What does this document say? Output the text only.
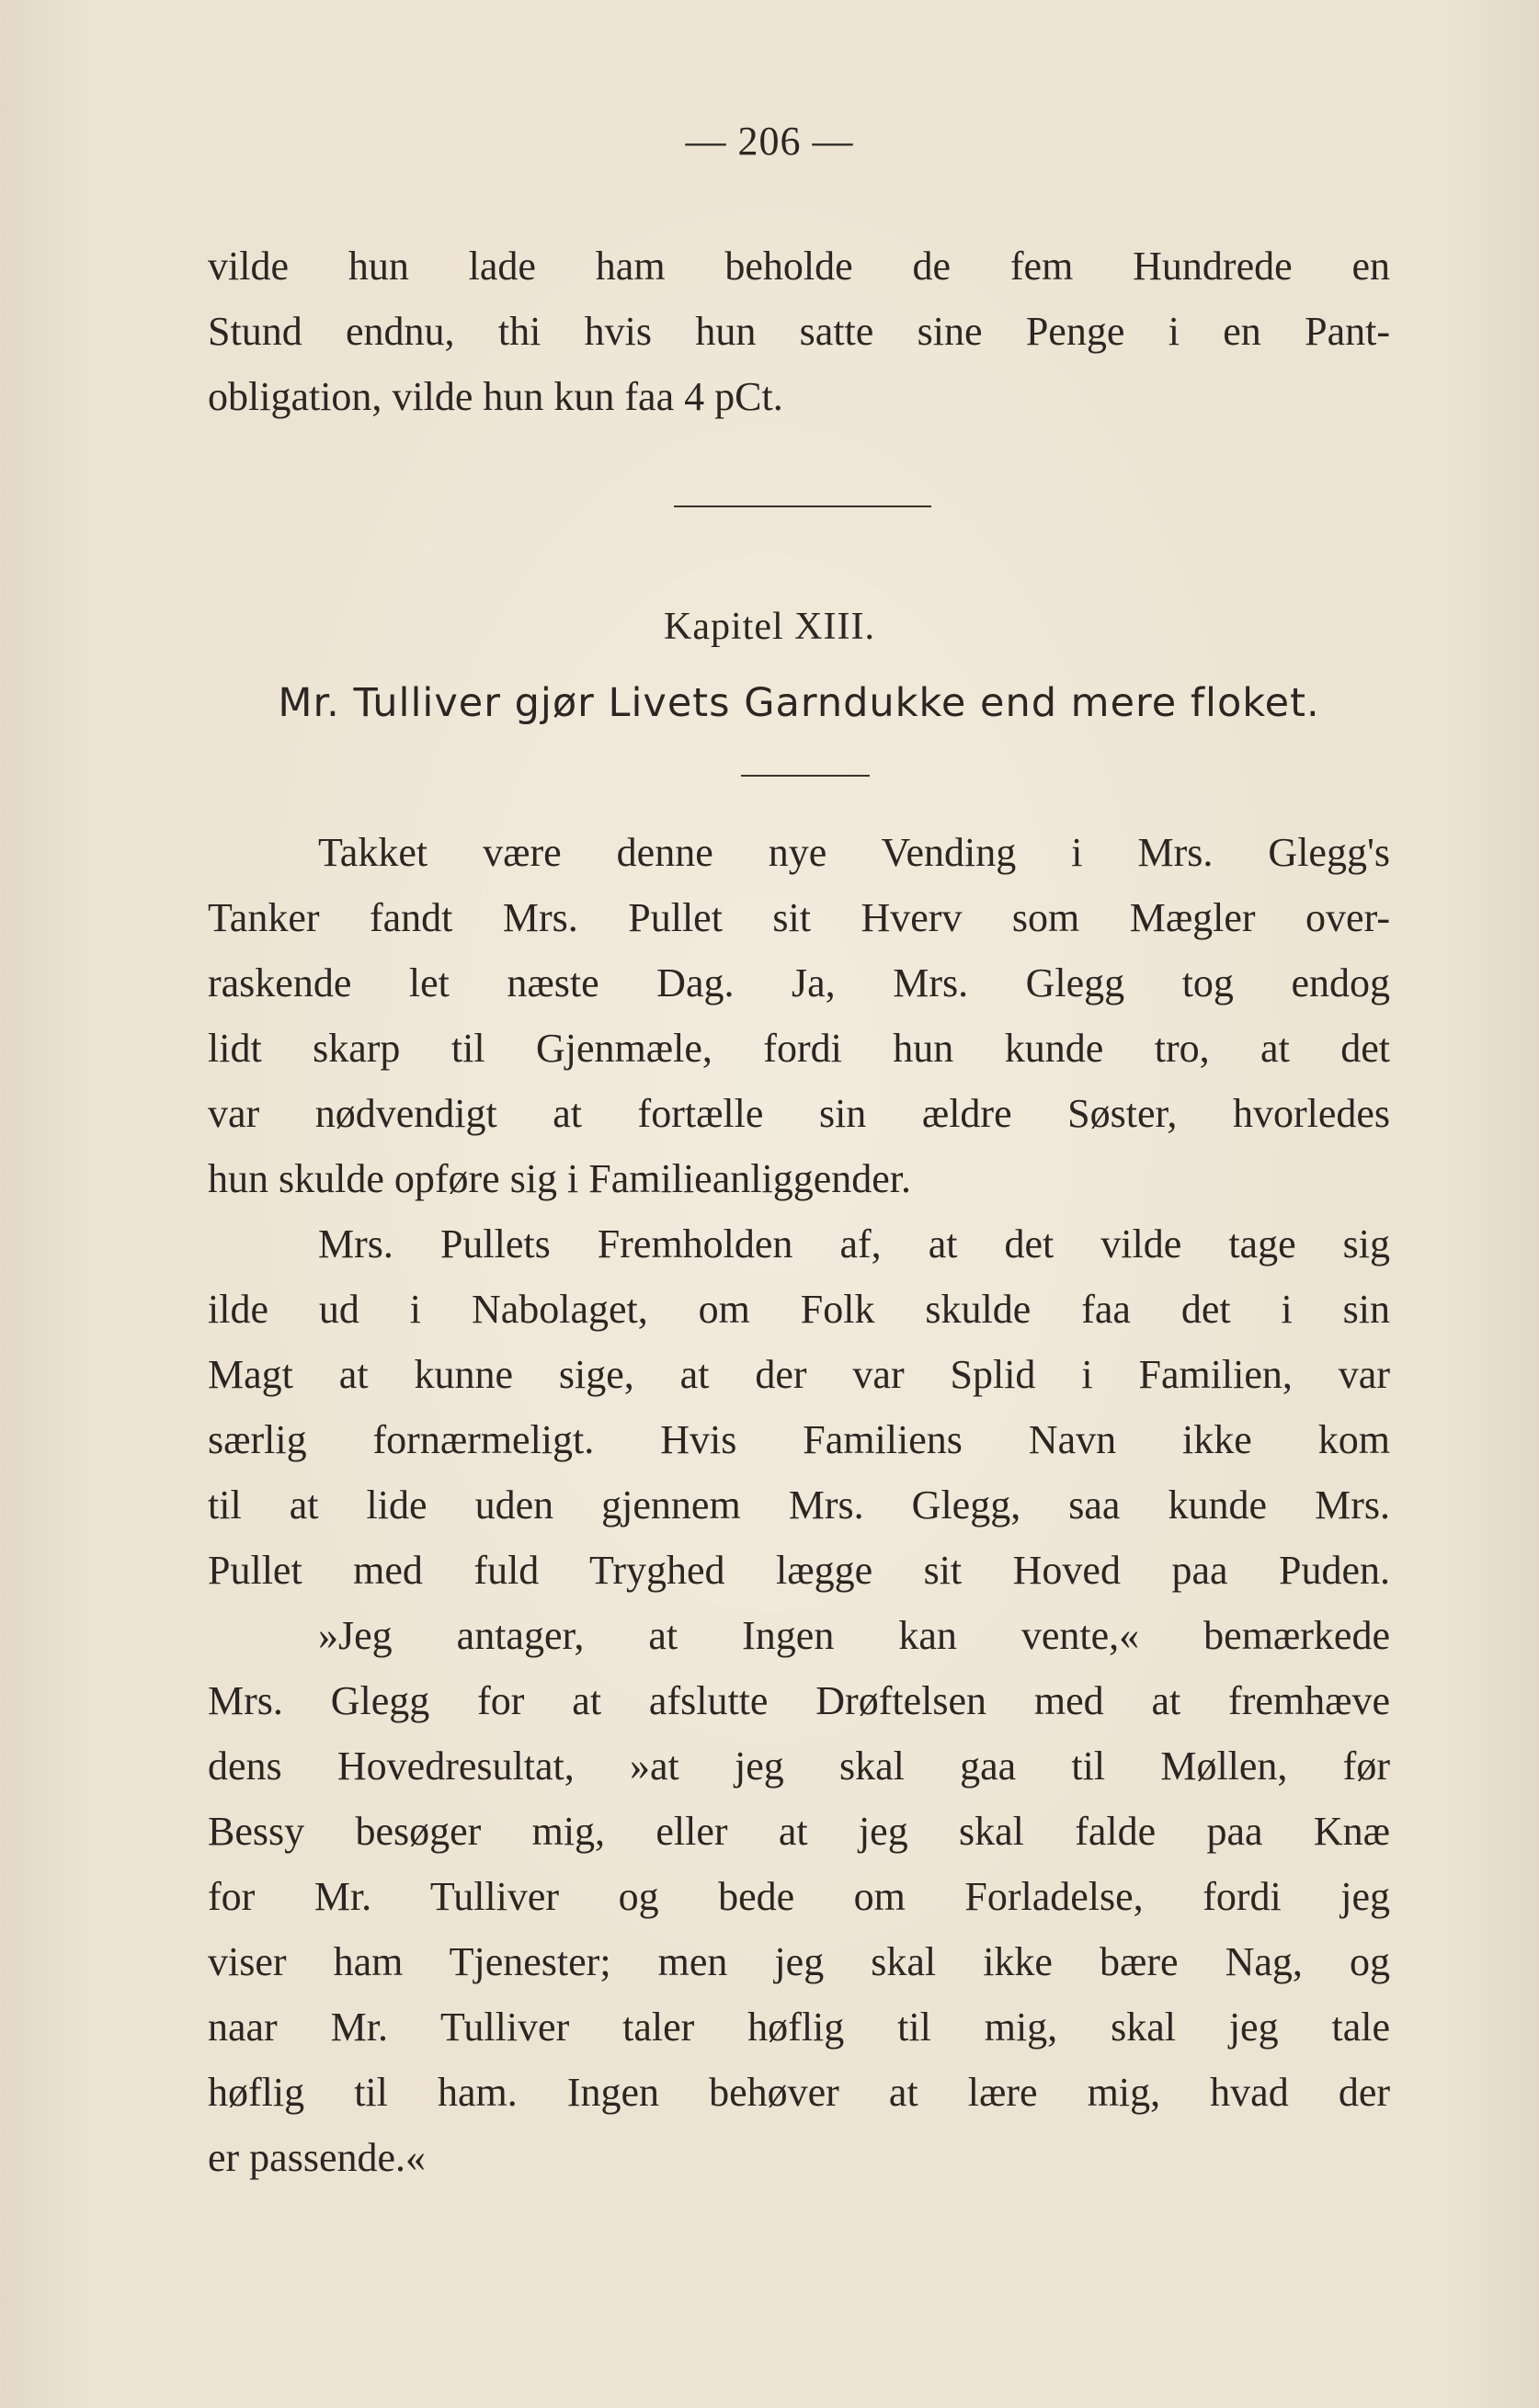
— 206 —

vilde hun lade ham beholde de fem Hundrede en

Stund endnu, thi hvis hun satte sine Penge i en Pant-

obligation, vilde hun kun faa 4 pCt.

Kapitel XIII.
Mr. Tulliver gjør Livets Garndukke end mere floket.

Takket være denne nye Vending i Mrs. Glegg's

Tanker fandt Mrs. Pullet sit Hverv som Mægler over-

raskende let næste Dag. Ja, Mrs. Glegg tog endog

lidt skarp til Gjenmæle, fordi hun kunde tro, at det

var nødvendigt at fortælle sin ældre Søster, hvorledes

hun skulde opføre sig i Familieanliggender.

Mrs. Pullets Fremholden af, at det vilde tage sig

ilde ud i Nabolaget, om Folk skulde faa det i sin

Magt at kunne sige, at der var Splid i Familien, var

særlig fornærmeligt. Hvis Familiens Navn ikke kom

til at lide uden gjennem Mrs. Glegg, saa kunde Mrs.

Pullet med fuld Tryghed lægge sit Hoved paa Puden.

»Jeg antager, at Ingen kan vente,« bemærkede

Mrs. Glegg for at afslutte Drøftelsen med at fremhæve

dens Hovedresultat, »at jeg skal gaa til Møllen, før

Bessy besøger mig, eller at jeg skal falde paa Knæ

for Mr. Tulliver og bede om Forladelse, fordi jeg

viser ham Tjenester; men jeg skal ikke bære Nag, og

naar Mr. Tulliver taler høflig til mig, skal jeg tale

høflig til ham. Ingen behøver at lære mig, hvad der

er passende.«
